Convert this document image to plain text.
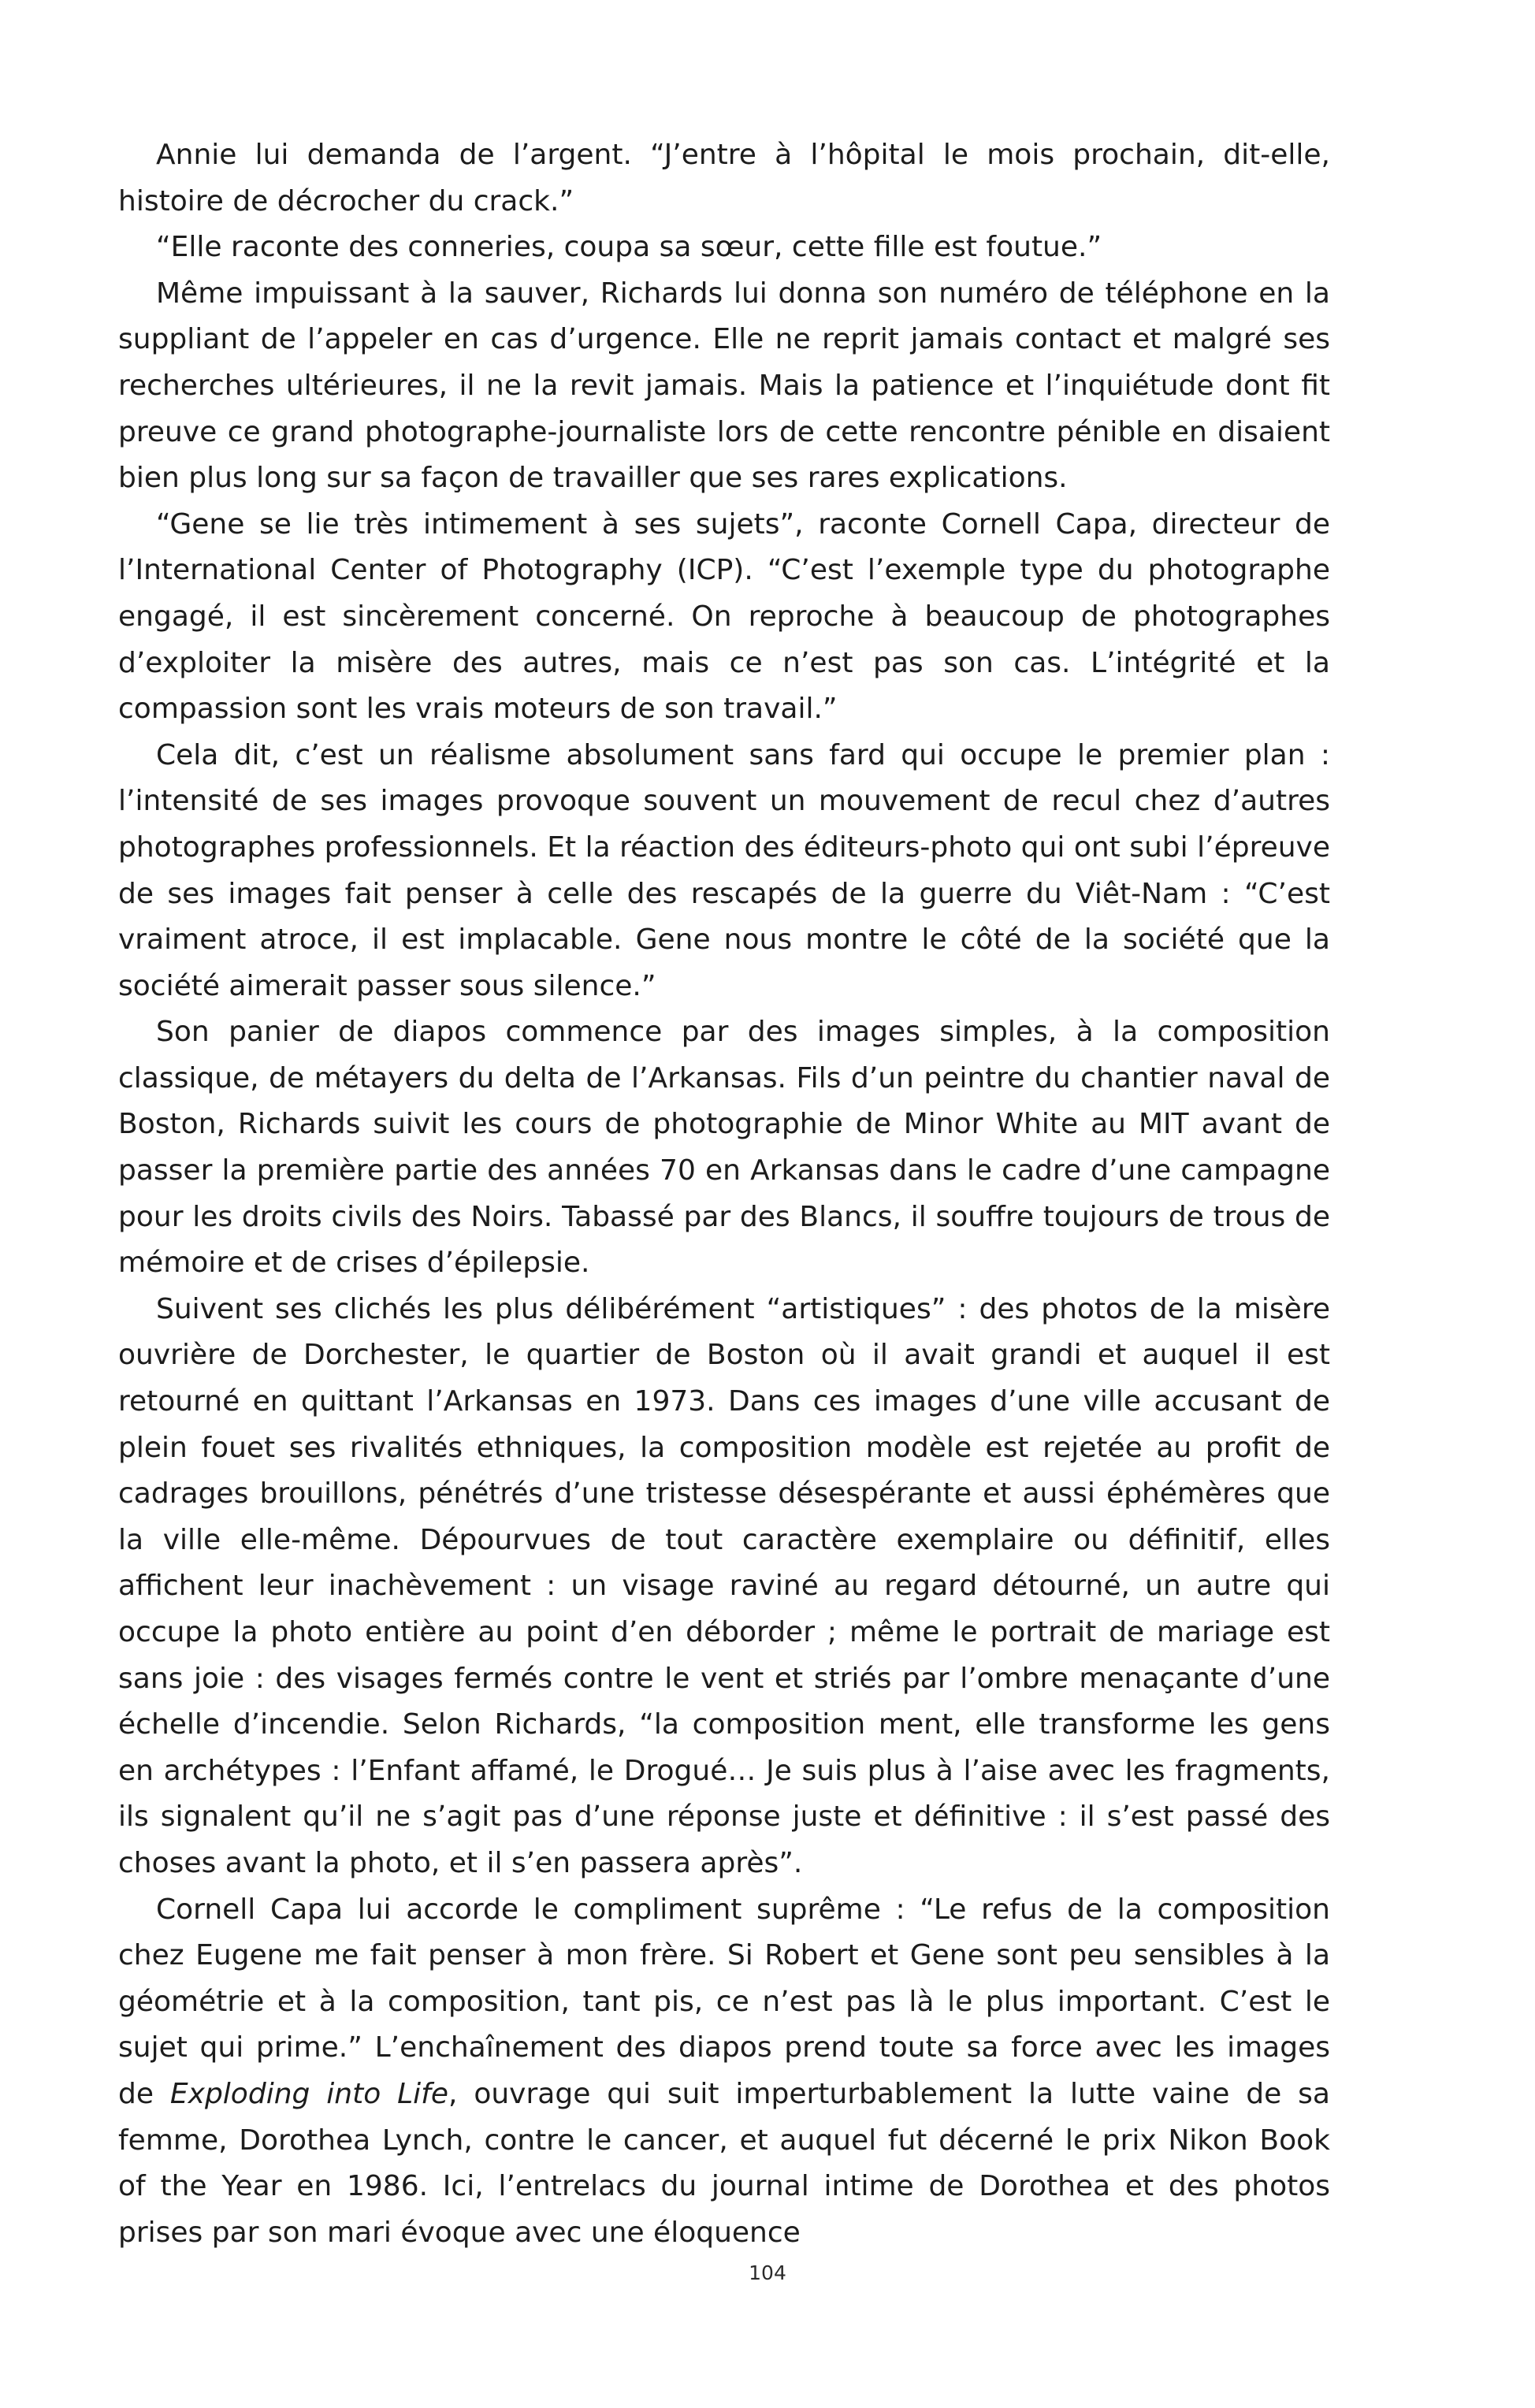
Annie lui demanda de l’argent. “J’entre à l’hôpital le mois prochain, dit-elle, histoire de décrocher du crack.”

“Elle raconte des conneries, coupa sa sœur, cette fille est foutue.”

Même impuissant à la sauver, Richards lui donna son numéro de téléphone en la suppliant de l’appeler en cas d’urgence. Elle ne reprit jamais contact et malgré ses recherches ultérieures, il ne la revit jamais. Mais la patience et l’inquiétude dont fit preuve ce grand photographe-journaliste lors de cette rencontre pénible en disaient bien plus long sur sa façon de travailler que ses rares explications.

“Gene se lie très intimement à ses sujets”, raconte Cornell Capa, directeur de l’International Center of Photography (ICP). “C’est l’exemple type du photographe engagé, il est sincèrement concerné. On reproche à beaucoup de photographes d’exploiter la misère des autres, mais ce n’est pas son cas. L’intégrité et la compassion sont les vrais moteurs de son travail.”

Cela dit, c’est un réalisme absolument sans fard qui occupe le premier plan : l’intensité de ses images provoque souvent un mouvement de recul chez d’autres photographes professionnels. Et la réaction des éditeurs-photo qui ont subi l’épreuve de ses images fait penser à celle des rescapés de la guerre du Viêt-Nam : “C’est vraiment atroce, il est implacable. Gene nous montre le côté de la société que la société aimerait passer sous silence.”

Son panier de diapos commence par des images simples, à la composition classique, de métayers du delta de l’Arkansas. Fils d’un peintre du chantier naval de Boston, Richards suivit les cours de photographie de Minor White au MIT avant de passer la première partie des années 70 en Arkansas dans le cadre d’une campagne pour les droits civils des Noirs. Tabassé par des Blancs, il souffre toujours de trous de mémoire et de crises d’épilepsie.

Suivent ses clichés les plus délibérément “artistiques” : des photos de la misère ouvrière de Dorchester, le quartier de Boston où il avait grandi et auquel il est retourné en quittant l’Arkansas en 1973. Dans ces images d’une ville accusant de plein fouet ses rivalités ethniques, la composition modèle est rejetée au profit de cadrages brouillons, pénétrés d’une tristesse désespérante et aussi éphémères que la ville elle-même. Dépourvues de tout caractère exemplaire ou définitif, elles affichent leur inachèvement : un visage raviné au regard détourné, un autre qui occupe la photo entière au point d’en déborder ; même le portrait de mariage est sans joie : des visages fermés contre le vent et striés par l’ombre menaçante d’une échelle d’incendie. Selon Richards, “la composition ment, elle transforme les gens en archétypes : l’Enfant affamé, le Drogué… Je suis plus à l’aise avec les fragments, ils signalent qu’il ne s’agit pas d’une réponse juste et définitive : il s’est passé des choses avant la photo, et il s’en passera après”.

Cornell Capa lui accorde le compliment suprême : “Le refus de la composition chez Eugene me fait penser à mon frère. Si Robert et Gene sont peu sensibles à la géométrie et à la composition, tant pis, ce n’est pas là le plus important. C’est le sujet qui prime.” L’enchaînement des diapos prend toute sa force avec les images de Exploding into Life, ouvrage qui suit imperturbablement la lutte vaine de sa femme, Dorothea Lynch, contre le cancer, et auquel fut décerné le prix Nikon Book of the Year en 1986. Ici, l’entrelacs du journal intime de Dorothea et des photos prises par son mari évoque avec une éloquence

104
